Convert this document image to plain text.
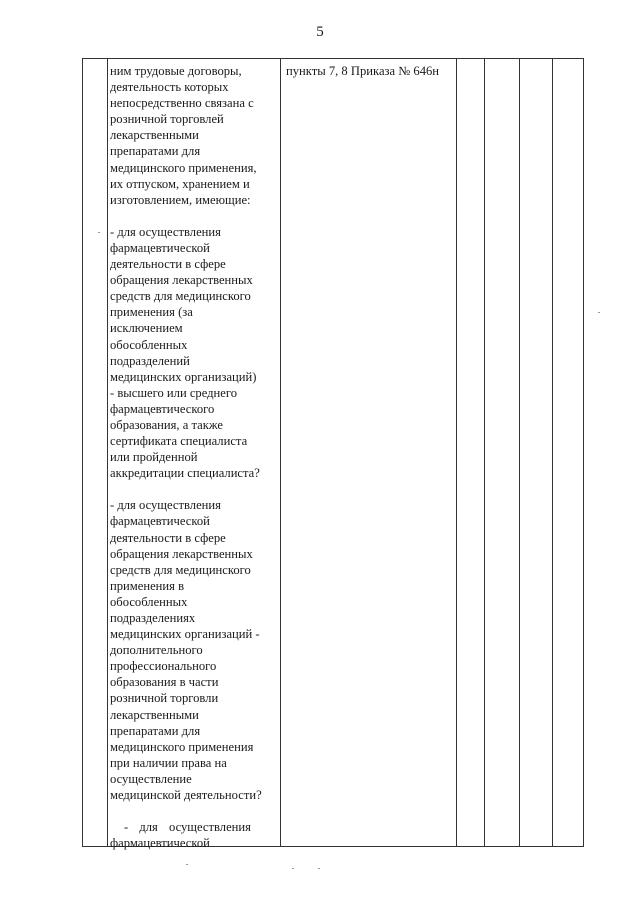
5
ним трудовые договоры,
деятельность которых
непосредственно связана с
розничной торговлей
лекарственными
препаратами для
медицинского применения,
их отпуском, хранением и
изготовлением, имеющие:
- для осуществления
фармацевтической
деятельности в сфере
обращения лекарственных
средств для медицинского
применения (за
исключением
обособленных
подразделений
медицинских организаций)
- высшего или среднего
фармацевтического
образования, а также
сертификата специалиста
или пройденной
аккредитации специалиста?
- для осуществления
фармацевтической
деятельности в сфере
обращения лекарственных
средств для медицинского
применения в
обособленных
подразделениях
медицинских организаций -
дополнительного
профессионального
образования в части
розничной торговли
лекарственными
препаратами для
медицинского применения
при наличии права на
осуществление
медицинской деятельности?
- для осуществления
фармацевтической
пункты 7, 8 Приказа № 646н
